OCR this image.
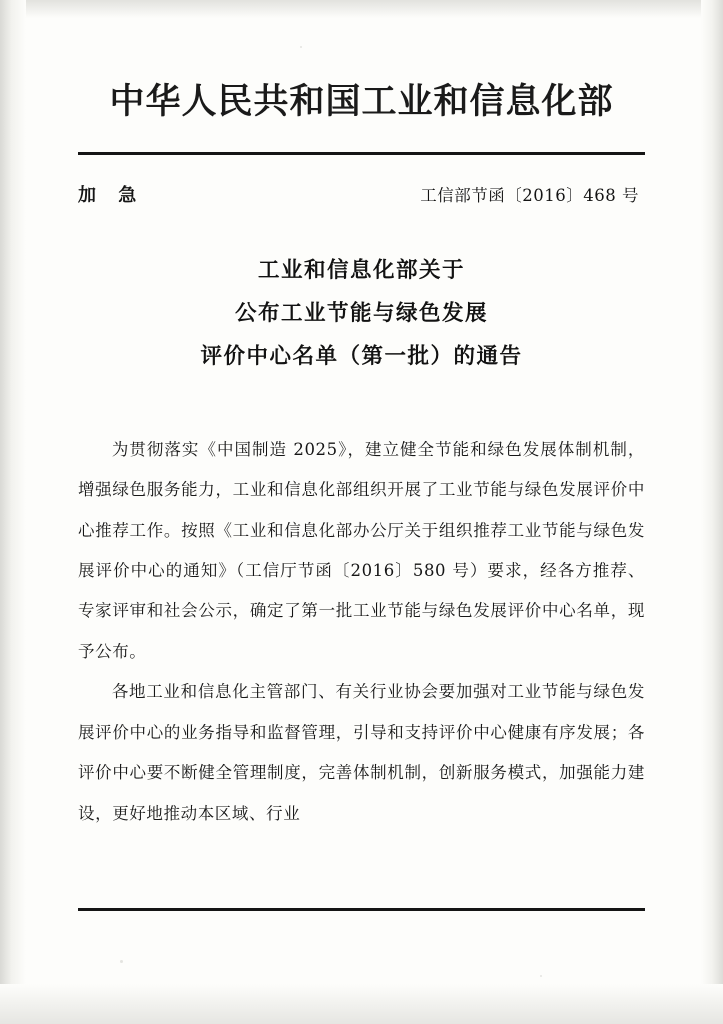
中华人民共和国工业和信息化部
加 急	工信部节函〔2016〕468 号
工业和信息化部关于
公布工业节能与绿色发展
评价中心名单（第一批）的通告

为贯彻落实《中国制造 2025》，建立健全节能和绿色发展体制机制，增强绿色服务能力，工业和信息化部组织开展了工业节能与绿色发展评价中心推荐工作。按照《工业和信息化部办公厅关于组织推荐工业节能与绿色发展评价中心的通知》（工信厅节函〔2016〕580 号）要求，经各方推荐、专家评审和社会公示，确定了第一批工业节能与绿色发展评价中心名单，现予公布。

各地工业和信息化主管部门、有关行业协会要加强对工业节能与绿色发展评价中心的业务指导和监督管理，引导和支持评价中心健康有序发展；各评价中心要不断健全管理制度，完善体制机制，创新服务模式，加强能力建设，更好地推动本区域、行业
